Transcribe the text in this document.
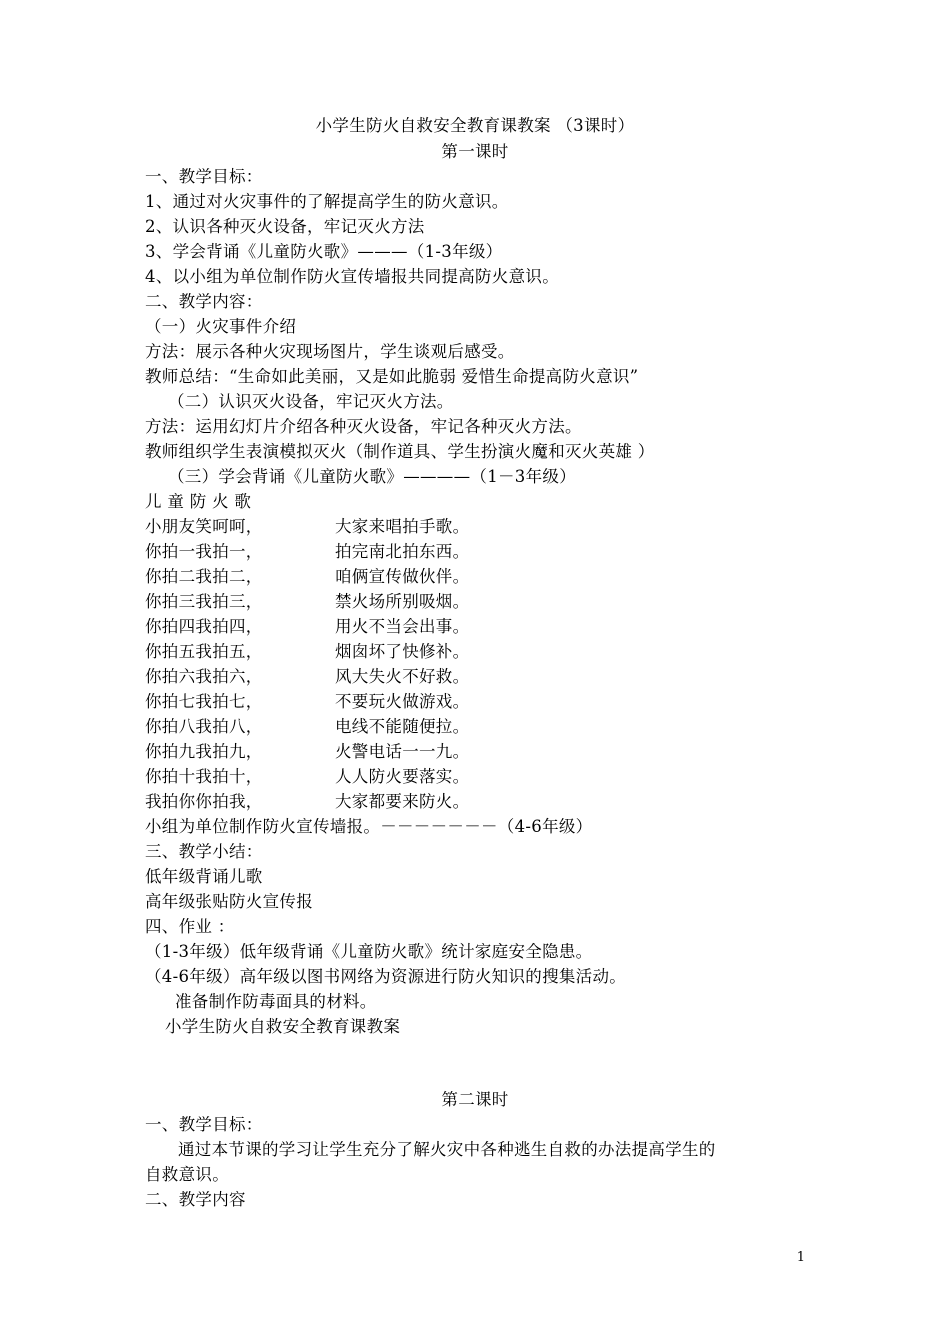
小学生防火自救安全教育课教案 （3课时）
第一课时
一、教学目标：
1、通过对火灾事件的了解提高学生的防火意识。
2、认识各种灭火设备，牢记灭火方法
3、学会背诵《儿童防火歌》———（1-3年级）
4、以小组为单位制作防火宣传墙报共同提高防火意识。
二、教学内容：
（一）火灾事件介绍
方法：展示各种火灾现场图片，学生谈观后感受。
教师总结：“生命如此美丽，又是如此脆弱 爱惜生命提高防火意识”
（二）认识灭火设备，牢记灭火方法。
方法：运用幻灯片介绍各种灭火设备，牢记各种灭火方法。
教师组织学生表演模拟灭火（制作道具、学生扮演火魔和灭火英雄 ）
（三）学会背诵《儿童防火歌》————（1－3年级）
儿 童 防 火 歌
小朋友笑呵呵，	大家来唱拍手歌。
你拍一我拍一，	拍完南北拍东西。
你拍二我拍二，	咱俩宣传做伙伴。
你拍三我拍三，	禁火场所别吸烟。
你拍四我拍四，	用火不当会出事。
你拍五我拍五，	烟囱坏了快修补。
你拍六我拍六，	风大失火不好救。
你拍七我拍七，	不要玩火做游戏。
你拍八我拍八，	电线不能随便拉。
你拍九我拍九，	火警电话一一九。
你拍十我拍十，	人人防火要落实。
我拍你你拍我，	大家都要来防火。
小组为单位制作防火宣传墙报。－－－－－－－（4-6年级）
三、教学小结：
低年级背诵儿歌
高年级张贴防火宣传报
四、作业 ：
（1-3年级）低年级背诵《儿童防火歌》统计家庭安全隐患。
（4-6年级）高年级以图书网络为资源进行防火知识的搜集活动。
准备制作防毒面具的材料。
小学生防火自救安全教育课教案
第二课时
一、教学目标：
通过本节课的学习让学生充分了解火灾中各种逃生自救的办法提高学生的
自救意识。
二、教学内容
1
